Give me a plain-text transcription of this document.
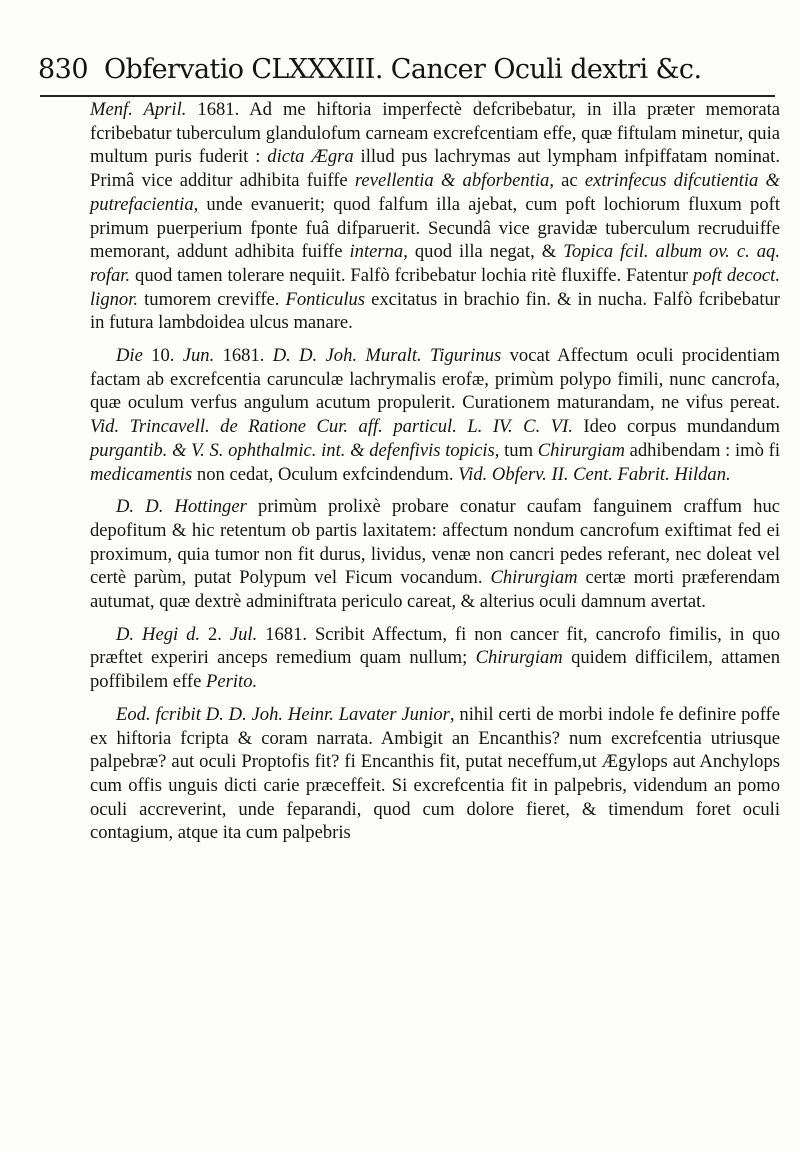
830 Obfervatio CLXXXIII. Cancer Oculi dextri &c.

Menf. April. 1681. Ad me hiftoria imperfectè defcribebatur, in illa præter memorata fcribebatur tuberculum glandulofum carneam excrefcentiam effe, quæ fiftulam minetur, quia multum puris fuderit : dicta Ægra illud pus lachrymas aut lympham infpiffatam nominat. Primâ vice additur adhibita fuiffe revellentia & abforbentia, ac extrinfecus difcutientia & putrefacientia, unde evanuerit; quod falfum illa ajebat, cum poft lochiorum fluxum poft primum puerperium fponte fuâ difparuerit. Secundâ vice gravidæ tuberculum recruduiffe memorant, addunt adhibita fuiffe interna, quod illa negat, & Topica fcil. album ov. c. aq. rofar. quod tamen tolerare nequiit. Falfò fcribebatur lochia ritè fluxiffe. Fatentur poft decoct. lignor. tumorem creviffe. Fonticulus excitatus in brachio fin. & in nucha. Falfò fcribebatur in futura lambdoidea ulcus manare.

Die 10. Jun. 1681. D. D. Joh. Muralt. Tigurinus vocat Affectum oculi procidentiam factam ab excrefcentia carunculæ lachrymalis erofæ, primùm polypo fimili, nunc cancrofa, quæ oculum verfus angulum acutum propulerit. Curationem maturandam, ne vifus pereat. Vid. Trincavell. de Ratione Cur. aff. particul. L. IV. C. VI. Ideo corpus mundandum purgantib. & V. S. ophthalmic. int. & defenfivis topicis, tum Chirurgiam adhibendam : imò fi medicamentis non cedat, Oculum exfcindendum. Vid. Obferv. II. Cent. Fabrit. Hildan.

D. D. Hottinger primùm prolixè probare conatur caufam fanguinem craffum huc depofitum & hic retentum ob partis laxitatem: affectum nondum cancrofum exiftimat fed ei proximum, quia tumor non fit durus, lividus, venæ non cancri pedes referant, nec doleat vel certè parùm, putat Polypum vel Ficum vocandum. Chirurgiam certæ morti præferendam autumat, quæ dextrè adminiftrata periculo careat, & alterius oculi damnum avertat.

D. Hegi d. 2. Jul. 1681. Scribit Affectum, fi non cancer fit, cancrofo fimilis, in quo præftet experiri anceps remedium quam nullum; Chirurgiam quidem difficilem, attamen poffibilem effe Perito.

Eod. fcribit D. D. Joh. Heinr. Lavater Junior, nihil certi de morbi indole fe definire poffe ex hiftoria fcripta & coram narrata. Ambigit an Encanthis? num excrefcentia utriusque palpebræ? aut oculi Proptofis fit? fi Encanthis fit, putat neceffum,ut Ægylops aut Anchylops cum offis unguis dicti carie præceffeit. Si excrefcentia fit in palpebris, videndum an pomo oculi accreverint, unde feparandi, quod cum dolore fieret, & timendum foret oculi contagium, atque ita cum palpebris
